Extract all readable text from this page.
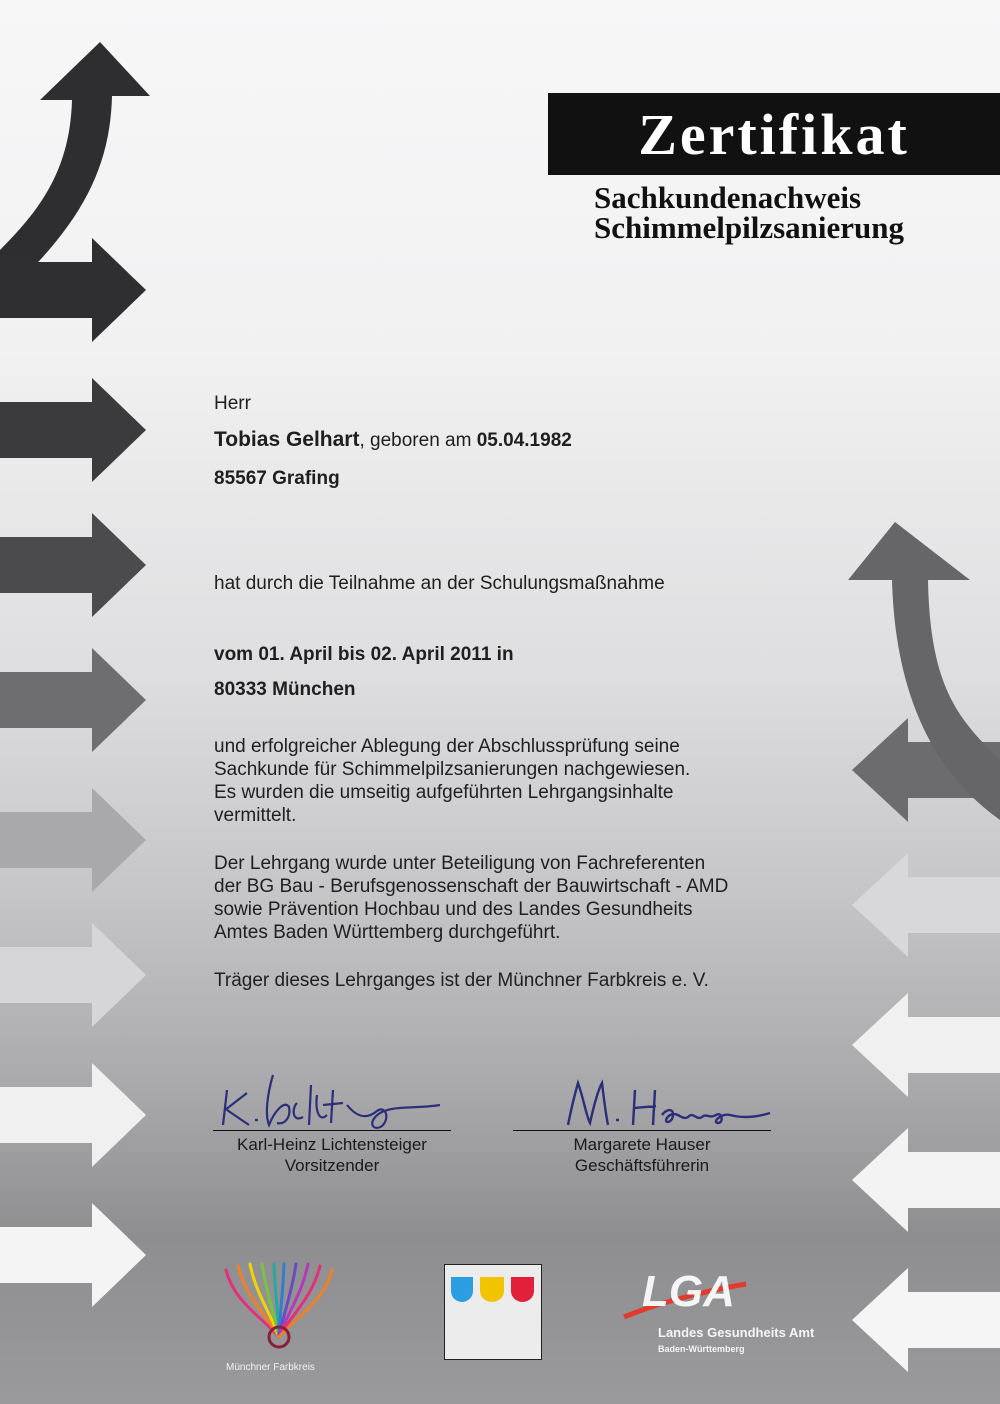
Zertifikat
Sachkundenachweis
Schimmelpilzsanierung
Herr
Tobias Gelhart, geboren am 05.04.1982
85567 Grafing
hat durch die Teilnahme an der Schulungsmaßnahme
vom 01. April bis 02. April 2011 in
80333 München
und erfolgreicher Ablegung der Abschlussprüfung seine
Sachkunde für Schimmelpilzsanierungen nachgewiesen.
Es wurden die umseitig aufgeführten Lehrgangsinhalte
vermittelt.
Der Lehrgang wurde unter Beteiligung von Fachreferenten
der BG Bau - Berufsgenossenschaft der Bauwirtschaft - AMD
sowie Prävention Hochbau und des Landes Gesundheits
Amtes Baden Württemberg durchgeführt.
Träger dieses Lehrganges ist der Münchner Farbkreis e. V.
Karl-Heinz Lichtensteiger
Vorsitzender
Margarete Hauser
Geschäftsführerin
Münchner Farbkreis
LGA
Landes Gesundheits Amt
Baden-Württemberg
